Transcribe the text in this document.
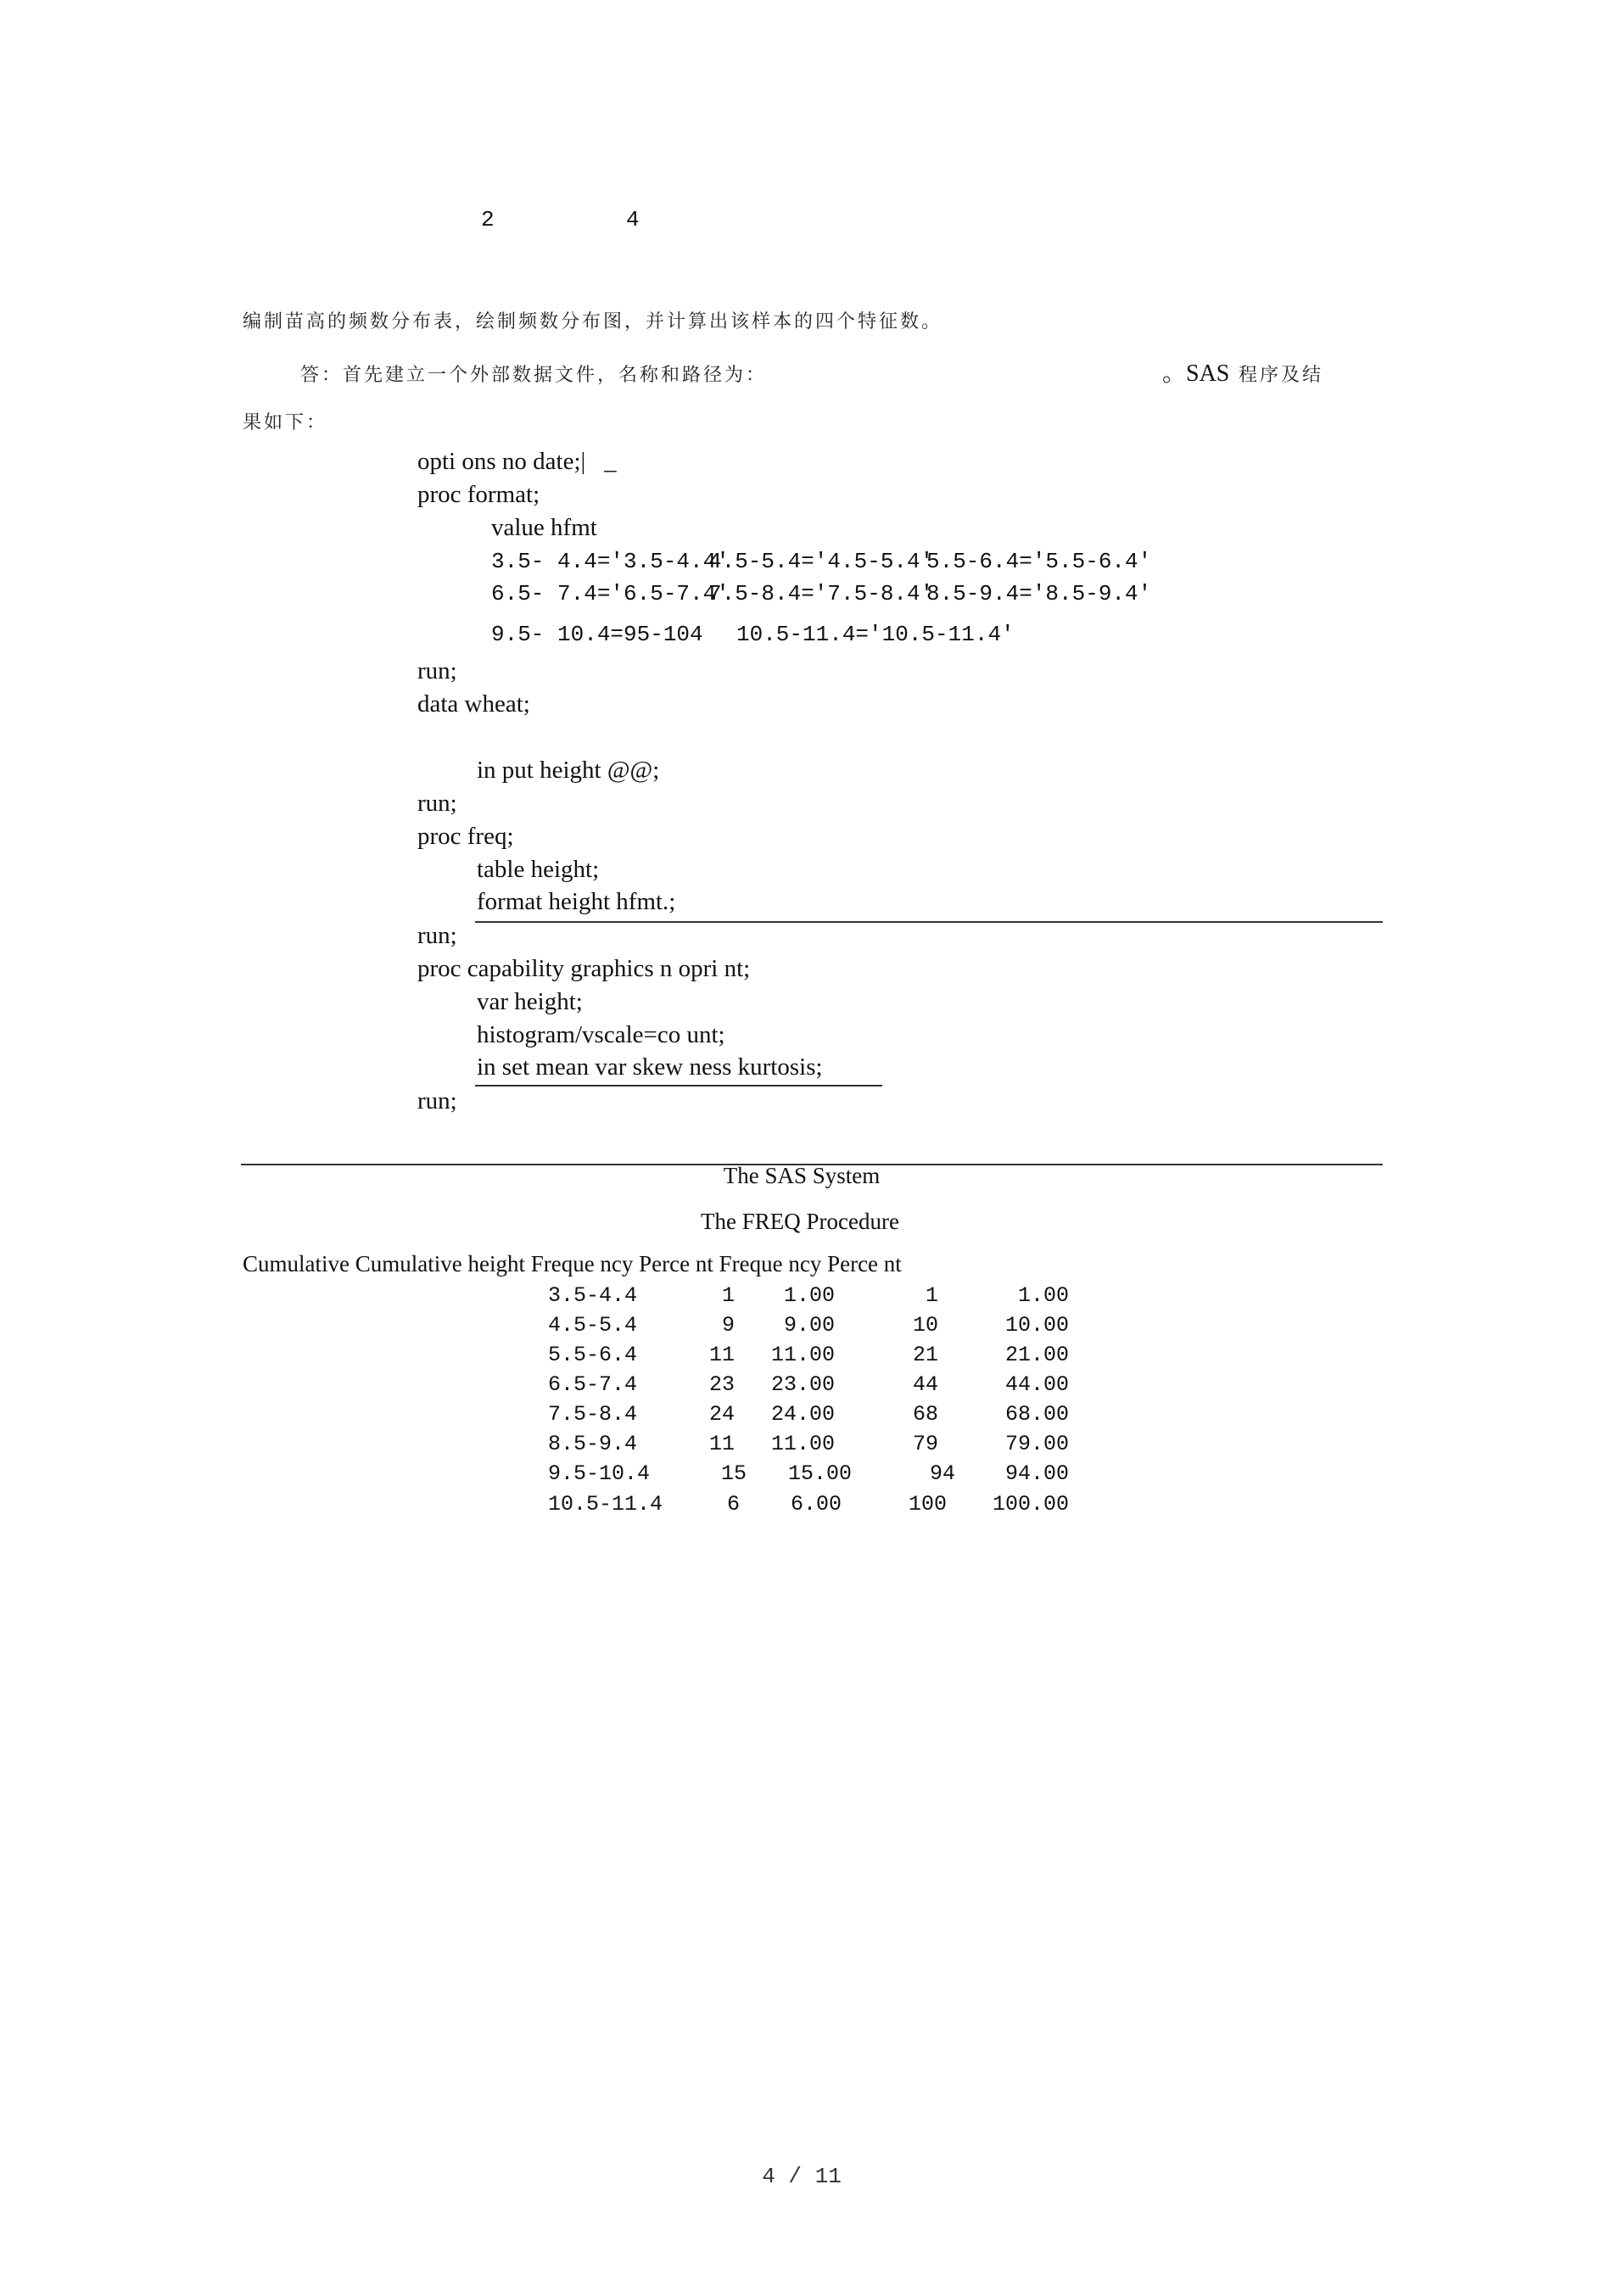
2	4
编制苗高的频数分布表，绘制频数分布图，并计算出该样本的四个特征数。
答：首先建立一个外部数据文件，名称和路径为：	。SAS 程序及结
果如下：
opti ons no date;|   _
proc format;
value hfmt
3.5- 4.4='3.5-4.4'
4.5-5.4='4.5-5.4'
5.5-6.4='5.5-6.4'
6.5- 7.4='6.5-7.4'
7.5-8.4='7.5-8.4'
8.5-9.4='8.5-9.4'
9.5- 10.4=95-104 10.5-11.4='10.5-11.4'
run;
data wheat;
in put height @@;
run;
proc freq;
table height;
format height hfmt.;
run;
proc capability graphics n opri nt;
var height;
histogram/vscale=co unt;
in set mean var skew ness kurtosis;
run;
The SAS System
The FREQ Procedure
Cumulative Cumulative height Freque ncy Perce nt Freque ncy Perce nt
3.5-4.4	1	1.00	1	1.00
4.5-5.4	9	9.00	10	10.00
5.5-6.4	11	11.00	21	21.00
6.5-7.4	23	23.00	44	44.00
7.5-8.4	24	24.00	68	68.00
8.5-9.4	11	11.00	79	79.00
9.5-10.4	15	15.00	94	94.00
10.5-11.4	6	6.00	100	100.00
4 / 11
